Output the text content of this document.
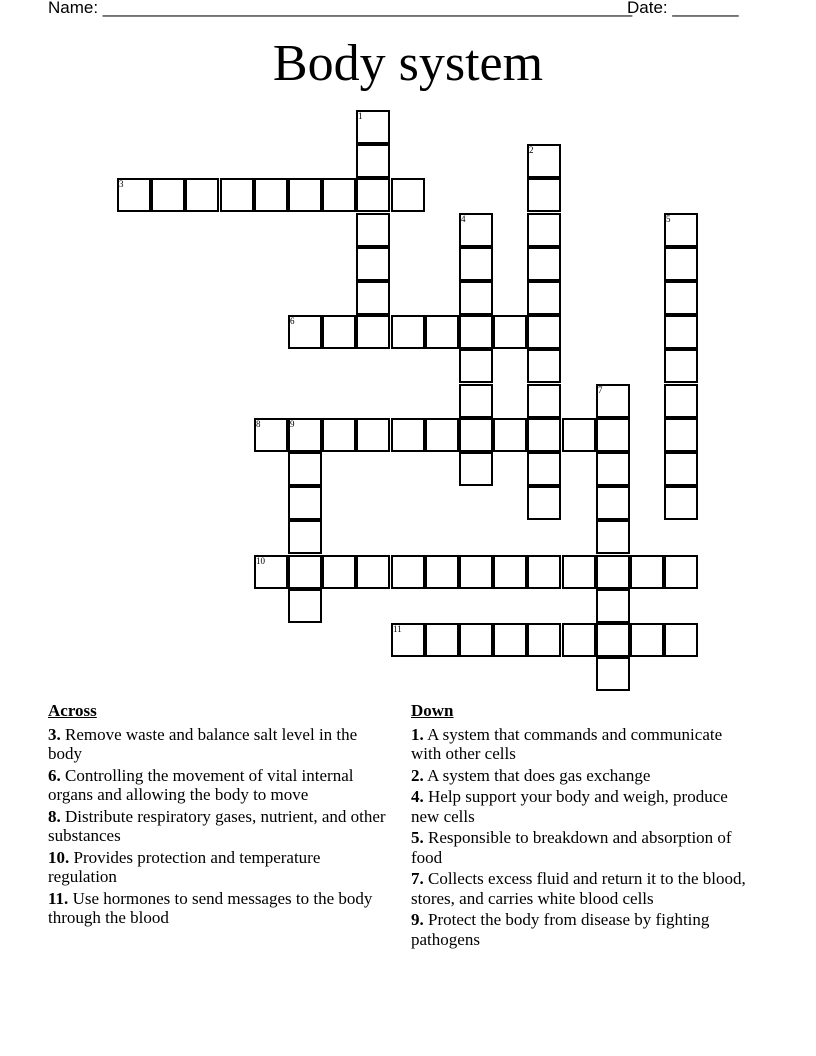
Name: ________________________________________________________
Date: _______
Body system
1
2
3
4	5
6
7
8	9
10
11
Across
3. Remove waste and balance salt level in the body
6. Controlling the movement of vital internal organs and allowing the body to move
8. Distribute respiratory gases, nutrient, and other substances
10. Provides protection and temperature regulation
11. Use hormones to send messages to the body through the blood
Down
1. A system that commands and communicate with other cells
2. A system that does gas exchange
4. Help support your body and weigh, produce new cells
5. Responsible to breakdown and absorption of food
7. Collects excess fluid and return it to the blood, stores, and carries white blood cells
9. Protect the body from disease by fighting pathogens
